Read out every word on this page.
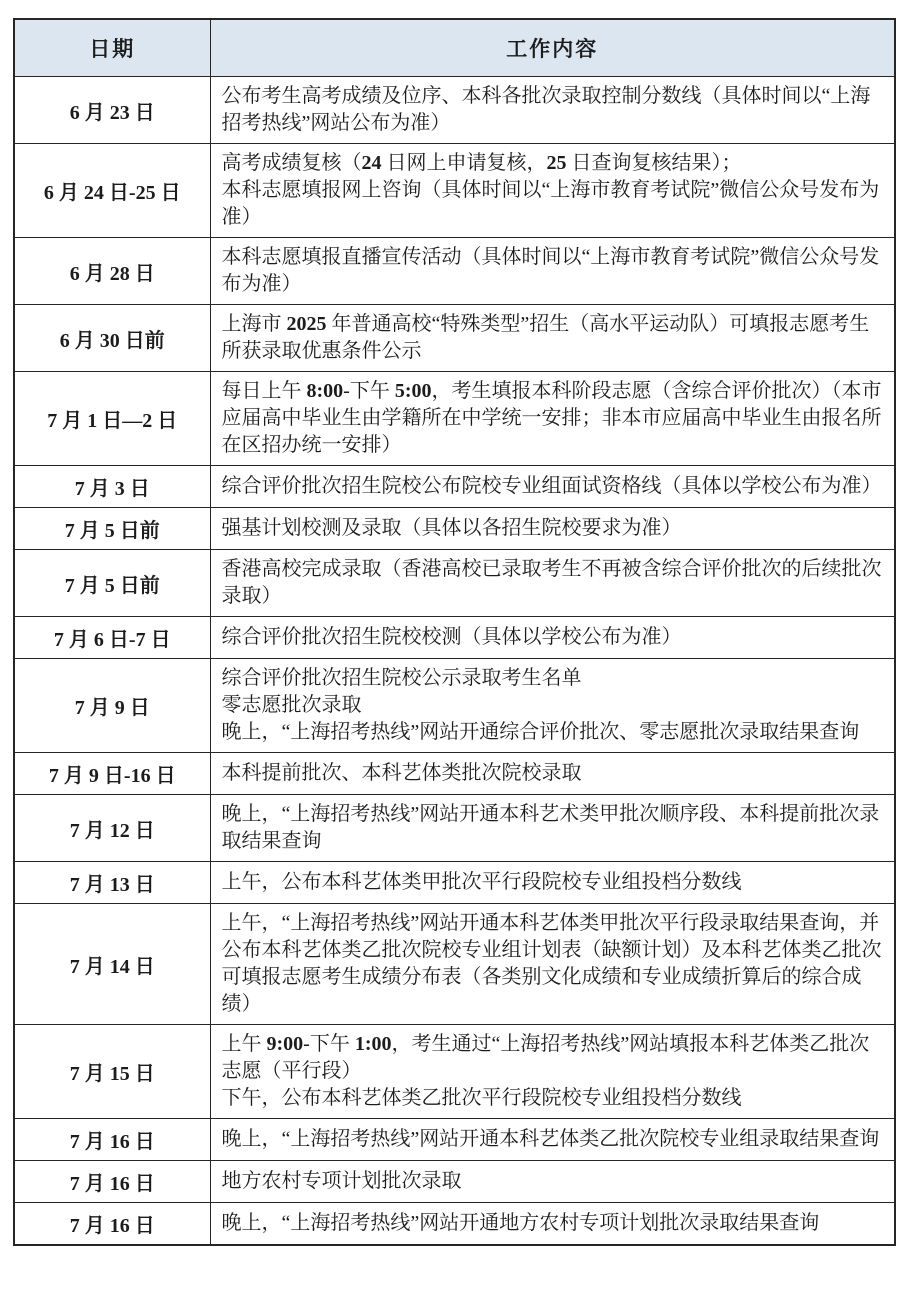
日期	工作内容
6 月 23 日	公布考生高考成绩及位序、本科各批次录取控制分数线（具体时间以“上海招考热线”网站公布为准）

6 月 24 日-25 日	高考成绩复核（24 日网上申请复核，25 日查询复核结果）；

本科志愿填报网上咨询（具体时间以“上海市教育考试院”微信公众号发布为准）

6 月 28 日	本科志愿填报直播宣传活动（具体时间以“上海市教育考试院”微信公众号发布为准）

6 月 30 日前	上海市 2025 年普通高校“特殊类型”招生（高水平运动队）可填报志愿考生所获录取优惠条件公示

7 月 1 日—2 日	每日上午 8:00-下午 5:00，考生填报本科阶段志愿（含综合评价批次）（本市应届高中毕业生由学籍所在中学统一安排；非本市应届高中毕业生由报名所在区招办统一安排）

7 月 3 日	综合评价批次招生院校公布院校专业组面试资格线（具体以学校公布为准）

7 月 5 日前	强基计划校测及录取（具体以各招生院校要求为准）

7 月 5 日前	香港高校完成录取（香港高校已录取考生不再被含综合评价批次的后续批次录取）

7 月 6 日-7 日	综合评价批次招生院校校测（具体以学校公布为准）

7 月 9 日	综合评价批次招生院校公示录取考生名单

零志愿批次录取

晚上，“上海招考热线”网站开通综合评价批次、零志愿批次录取结果查询

7 月 9 日-16 日	本科提前批次、本科艺体类批次院校录取

7 月 12 日	晚上，“上海招考热线”网站开通本科艺术类甲批次顺序段、本科提前批次录取结果查询

7 月 13 日	上午，公布本科艺体类甲批次平行段院校专业组投档分数线

7 月 14 日	上午，“上海招考热线”网站开通本科艺体类甲批次平行段录取结果查询，并公布本科艺体类乙批次院校专业组计划表（缺额计划）及本科艺体类乙批次可填报志愿考生成绩分布表（各类别文化成绩和专业成绩折算后的综合成绩）

7 月 15 日	上午 9:00-下午 1:00，考生通过“上海招考热线”网站填报本科艺体类乙批次志愿（平行段）

下午，公布本科艺体类乙批次平行段院校专业组投档分数线

7 月 16 日	晚上，“上海招考热线”网站开通本科艺体类乙批次院校专业组录取结果查询

7 月 16 日	地方农村专项计划批次录取

7 月 16 日	晚上，“上海招考热线”网站开通地方农村专项计划批次录取结果查询
